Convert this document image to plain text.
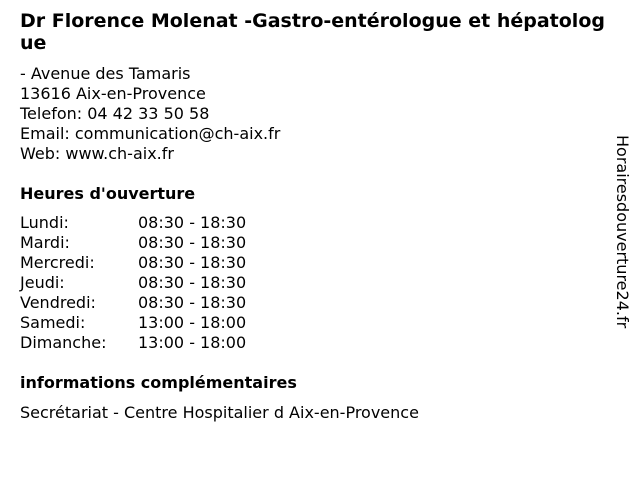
Dr Florence Molenat -Gastro-entérologue et hépatologue
- Avenue des Tamaris
13616 Aix-en-Provence
Telefon: 04 42 33 50 58
Email: communication@ch-aix.fr
Web: www.ch-aix.fr
Heures d'ouverture
Lundi:	08:30 - 18:30
Mardi:	08:30 - 18:30
Mercredi:	08:30 - 18:30
Jeudi:	08:30 - 18:30
Vendredi:	08:30 - 18:30
Samedi:	13:00 - 18:00
Dimanche:	13:00 - 18:00
informations complémentaires
Secrétariat - Centre Hospitalier d Aix-en-Provence
Horairesdouverture24.fr
